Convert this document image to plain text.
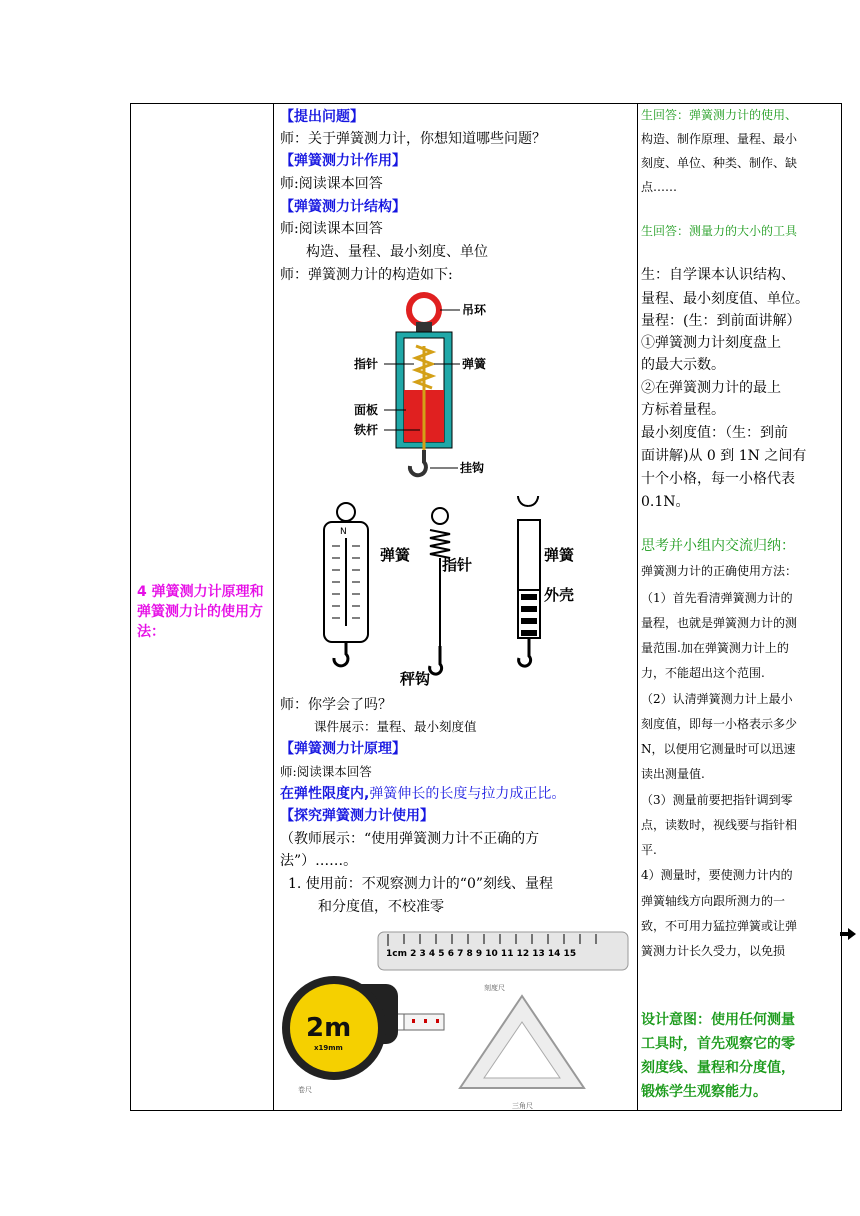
4 弹簧测力计原理和弹簧测力计的使用方法：
【提出问题】
师：关于弹簧测力计，你想知道哪些问题？
【弹簧测力计作用】
师:阅读课本回答
【弹簧测力计结构】
师:阅读课本回答
构造、量程、最小刻度、单位
师：弹簧测力计的构造如下:
吊环
指针	弹簧
面板
铁杆
挂钩
N
弹簧
指针
秤钩
弹簧
外壳
师：你学会了吗？
课件展示：量程、最小刻度值
【弹簧测力计原理】
师:阅读课本回答
在弹性限度内,弹簧伸长的长度与拉力成正比。
【探究弹簧测力计使用】
（教师展示：“使用弹簧测力计不正确的方
法”）……。
1. 使用前：不观察测力计的“0”刻线、量程
和分度值，不校准零
1cm 2 3 4 5 6 7 8 9 10 11 12 13 14 15
刻度尺
2m
x19mm
卷尺
三角尺
生回答：弹簧测力计的使用、
构造、制作原理、量程、最小
刻度、单位、种类、制作、缺
点……
生回答：测量力的大小的工具
生：自学课本认识结构、
量程、最小刻度值、单位。
量程：(生：到前面讲解）
①弹簧测力计刻度盘上
的最大示数。
②在弹簧测力计的最上
方标着量程。
最小刻度值：（生：到前
面讲解)从 0 到 1N 之间有
十个小格，每一小格代表
0.1N。
思考并小组内交流归纳：
弹簧测力计的正确使用方法：
（1）首先看清弹簧测力计的
量程，也就是弹簧测力计的测
量范围.加在弹簧测力计上的
力，不能超出这个范围.
（2）认清弹簧测力计上最小
刻度值，即每一小格表示多少
N，以便用它测量时可以迅速
读出测量值.
（3）测量前要把指针调到零
点，读数时，视线要与指针相
平.
4）测量时，要使测力计内的
弹簧轴线方向跟所测力的一
致，不可用力猛拉弹簧或让弹
簧测力计长久受力，以免损
设计意图：使用任何测量
工具时，首先观察它的零
刻度线、量程和分度值，
锻炼学生观察能力。
